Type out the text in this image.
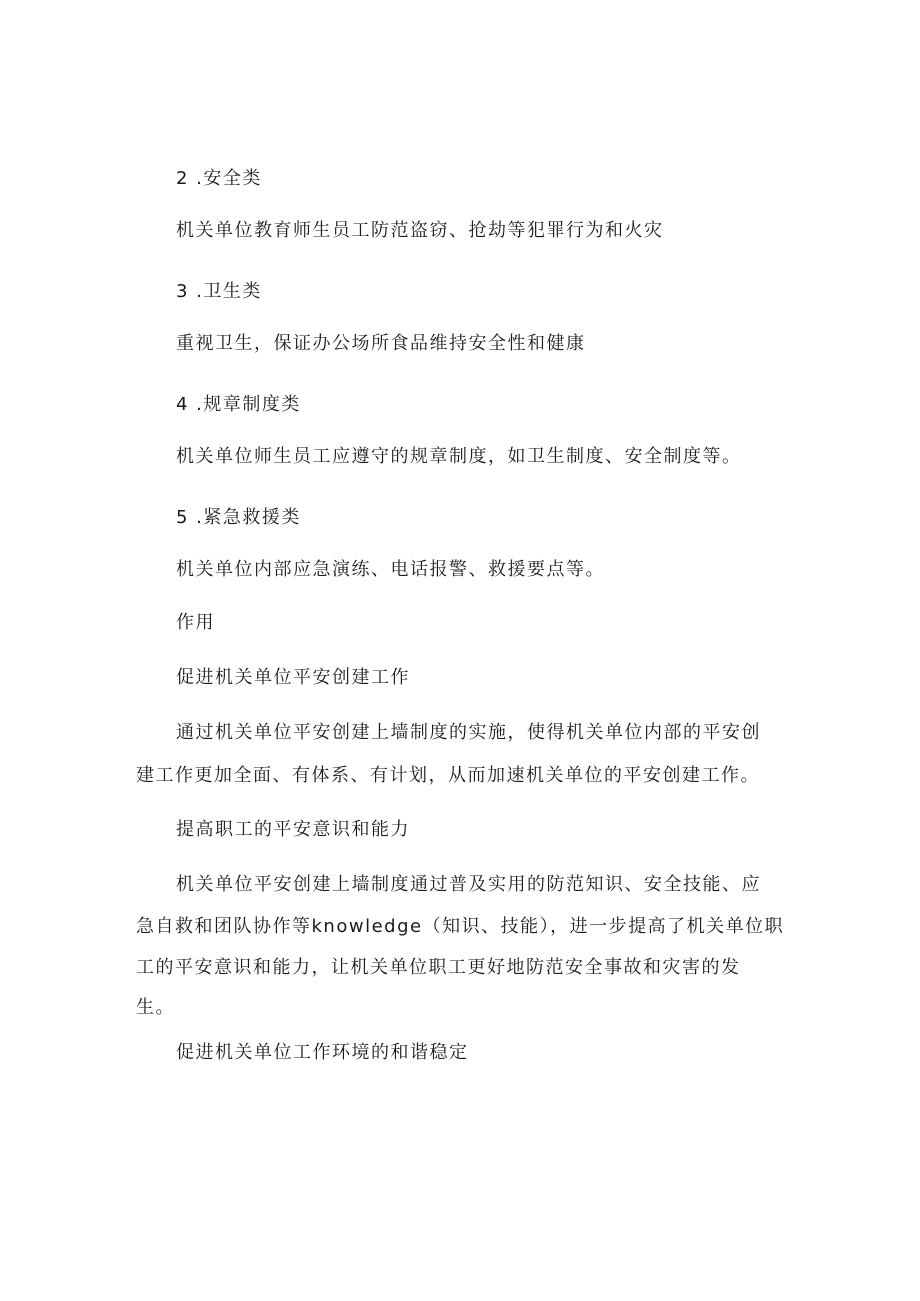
2 .安全类
机关单位教育师生员工防范盗窃、抢劫等犯罪行为和火灾
3 .卫生类
重视卫生，保证办公场所食品维持安全性和健康
4 .规章制度类
机关单位师生员工应遵守的规章制度，如卫生制度、安全制度等。
5 .紧急救援类
机关单位内部应急演练、电话报警、救援要点等。
作用
促进机关单位平安创建工作
通过机关单位平安创建上墙制度的实施，使得机关单位内部的平安创
建工作更加全面、有体系、有计划，从而加速机关单位的平安创建工作。
提高职工的平安意识和能力
机关单位平安创建上墙制度通过普及实用的防范知识、安全技能、应
急自救和团队协作等knowledge（知识、技能），进一步提高了机关单位职
工的平安意识和能力，让机关单位职工更好地防范安全事故和灾害的发
生。
促进机关单位工作环境的和谐稳定
